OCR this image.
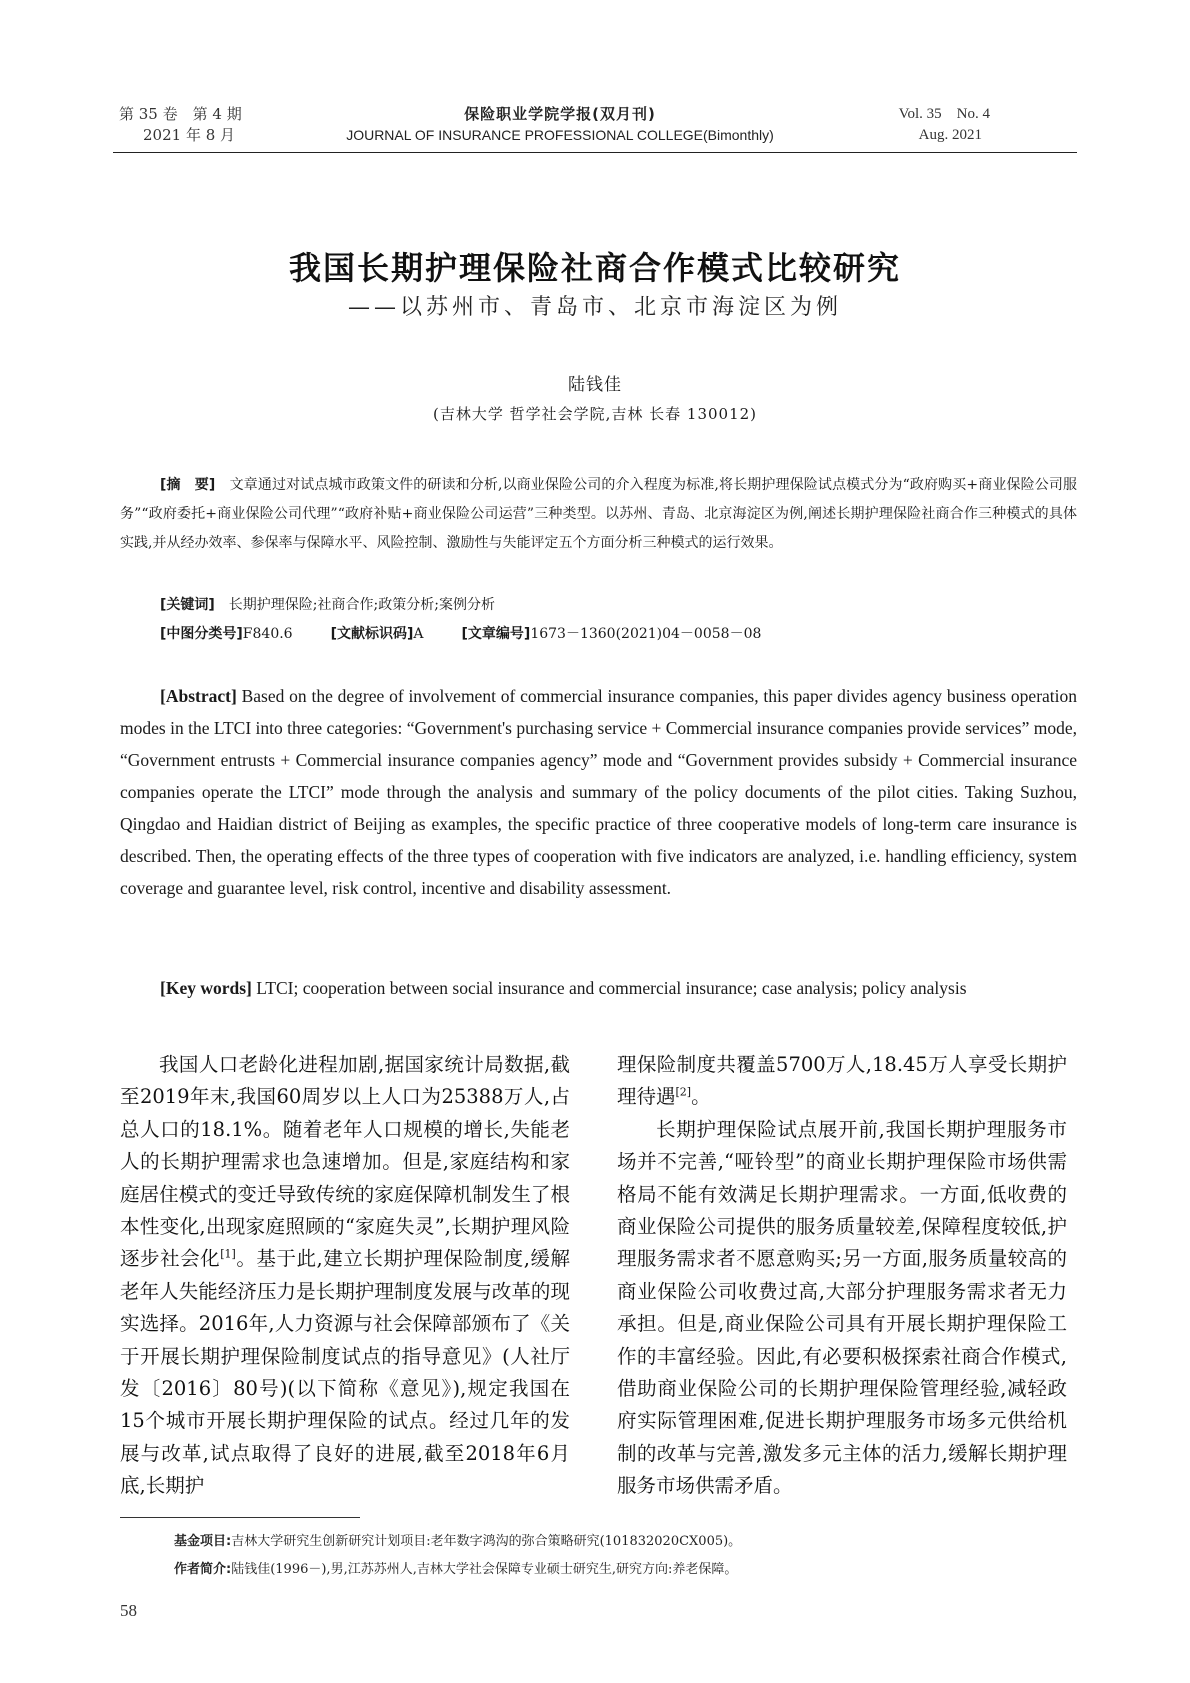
第 35 卷　第 4 期
2021 年 8 月
保险职业学院学报(双月刊)
JOURNAL OF INSURANCE PROFESSIONAL COLLEGE(Bimonthly)
Vol. 35　No. 4
Aug. 2021
我国长期护理保险社商合作模式比较研究
——以苏州市、青岛市、北京市海淀区为例
陆钱佳
(吉林大学 哲学社会学院,吉林 长春 130012)
[摘　要]　 文章通过对试点城市政策文件的研读和分析,以商业保险公司的介入程度为标准,将长期护理保险试点模式分为“政府购买+商业保险公司服务”“政府委托+商业保险公司代理”“政府补贴+商业保险公司运营”三种类型。以苏州、青岛、北京海淀区为例,阐述长期护理保险社商合作三种模式的具体实践,并从经办效率、参保率与保障水平、风险控制、激励性与失能评定五个方面分析三种模式的运行效果。
[关键词]　 长期护理保险;社商合作;政策分析;案例分析
[中图分类号]F840.6	[文献标识码]A	[文章编号]1673－1360(2021)04－0058－08
[Abstract] Based on the degree of involvement of commercial insurance companies, this paper divides agency business operation modes in the LTCI into three categories: “Government's purchasing service + Commercial insurance companies provide services” mode, “Government entrusts + Commercial insurance companies agency” mode and “Government provides subsidy + Commercial insurance companies operate the LTCI” mode through the analysis and summary of the policy documents of the pilot cities. Taking Suzhou, Qingdao and Haidian district of Beijing as examples, the specific practice of three cooperative models of long-term care insurance is described. Then, the operating effects of the three types of cooperation with five indicators are analyzed, i.e. handling efficiency, system coverage and guarantee level, risk control, incentive and disability assessment.
[Key words] LTCI; cooperation between social insurance and commercial insurance; case analysis; policy analysis

我国人口老龄化进程加剧,据国家统计局数据,截至2019年末,我国60周岁以上人口为25388万人,占总人口的18.1%。随着老年人口规模的增长,失能老人的长期护理需求也急速增加。但是,家庭结构和家庭居住模式的变迁导致传统的家庭保障机制发生了根本性变化,出现家庭照顾的“家庭失灵”,长期护理风险逐步社会化[1]。基于此,建立长期护理保险制度,缓解老年人失能经济压力是长期护理制度发展与改革的现实选择。2016年,人力资源与社会保障部颁布了《关于开展长期护理保险制度试点的指导意见》(人社厅发〔2016〕80号)(以下简称《意见》),规定我国在15个城市开展长期护理保险的试点。经过几年的发展与改革,试点取得了良好的进展,截至2018年6月底,长期护

理保险制度共覆盖5700万人,18.45万人享受长期护理待遇[2]。

长期护理保险试点展开前,我国长期护理服务市场并不完善,“哑铃型”的商业长期护理保险市场供需格局不能有效满足长期护理需求。一方面,低收费的商业保险公司提供的服务质量较差,保障程度较低,护理服务需求者不愿意购买;另一方面,服务质量较高的商业保险公司收费过高,大部分护理服务需求者无力承担。但是,商业保险公司具有开展长期护理保险工作的丰富经验。因此,有必要积极探索社商合作模式,借助商业保险公司的长期护理保险管理经验,减轻政府实际管理困难,促进长期护理服务市场多元供给机制的改革与完善,激发多元主体的活力,缓解长期护理服务市场供需矛盾。

基金项目:吉林大学研究生创新研究计划项目:老年数字鸿沟的弥合策略研究(101832020CX005)。
作者简介:陆钱佳(1996－),男,江苏苏州人,吉林大学社会保障专业硕士研究生,研究方向:养老保障。
58
